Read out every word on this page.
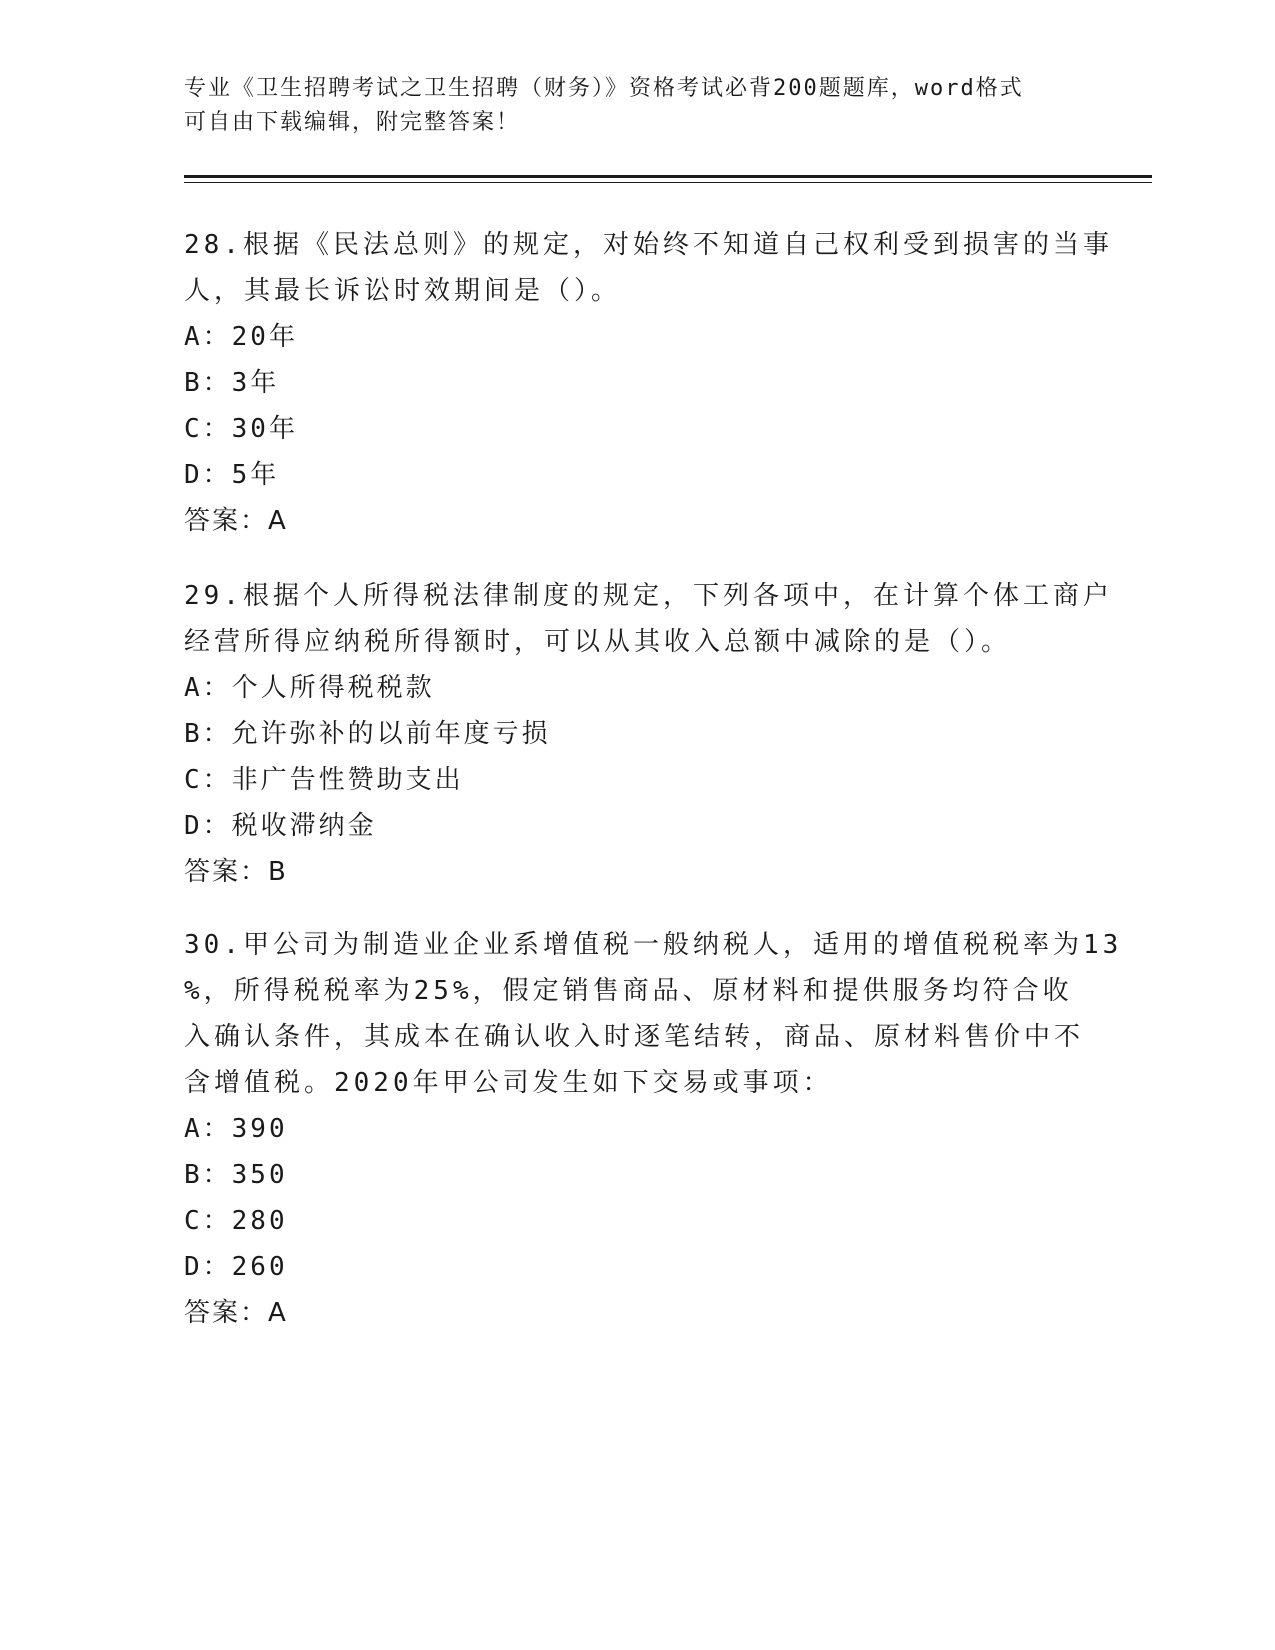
专业《卫生招聘考试之卫生招聘（财务）》资格考试必背200题题库，word格式
可自由下载编辑，附完整答案！
28.根据《民法总则》的规定，对始终不知道自己权利受到损害的当事
人，其最长诉讼时效期间是（）。
A：20年
B：3年
C：30年
D：5年
答案：A
29.根据个人所得税法律制度的规定，下列各项中，在计算个体工商户
经营所得应纳税所得额时，可以从其收入总额中减除的是（）。
A：个人所得税税款
B：允许弥补的以前年度亏损
C：非广告性赞助支出
D：税收滞纳金
答案：B
30.甲公司为制造业企业系增值税一般纳税人，适用的增值税税率为13
%，所得税税率为25%，假定销售商品、原材料和提供服务均符合收
入确认条件，其成本在确认收入时逐笔结转，商品、原材料售价中不
含增值税。2020年甲公司发生如下交易或事项：
A：390
B：350
C：280
D：260
答案：A
